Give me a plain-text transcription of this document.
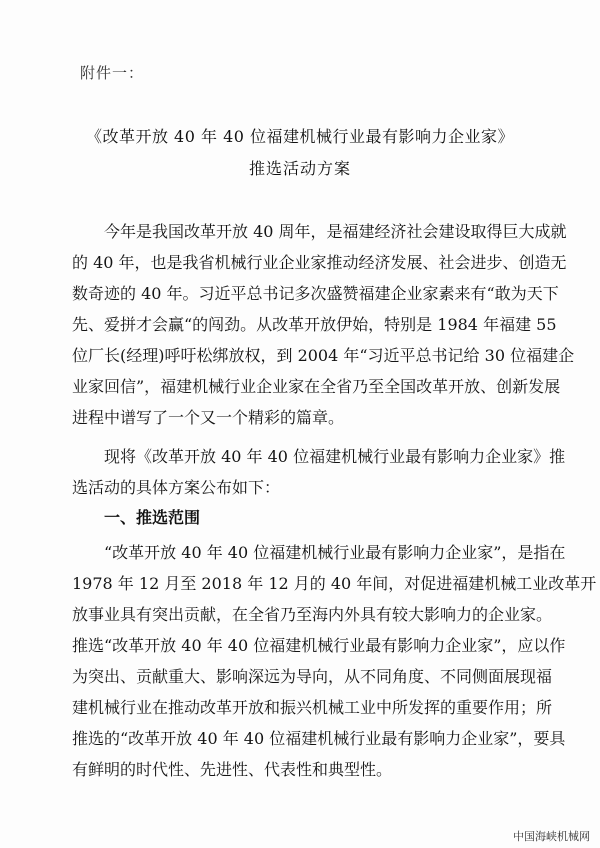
附件一：
《改革开放 40 年 40 位福建机械行业最有影响力企业家》
推选活动方案
今年是我国改革开放 40 周年，是福建经济社会建设取得巨大成就
的 40 年，也是我省机械行业企业家推动经济发展、社会进步、创造无
数奇迹的 40 年。习近平总书记多次盛赞福建企业家素来有“敢为天下
先、爱拼才会赢“的闯劲。从改革开放伊始，特别是 1984 年福建 55
位厂长(经理)呼吁松绑放权，到 2004 年“习近平总书记给 30 位福建企
业家回信”，福建机械行业企业家在全省乃至全国改革开放、创新发展
进程中谱写了一个又一个精彩的篇章。
现将《改革开放 40 年 40 位福建机械行业最有影响力企业家》推
选活动的具体方案公布如下：
一、推选范围
“改革开放 40 年 40 位福建机械行业最有影响力企业家”，是指在
1978 年 12 月至 2018 年 12 月的 40 年间，对促进福建机械工业改革开
放事业具有突出贡献，在全省乃至海内外具有较大影响力的企业家。
推选“改革开放 40 年 40 位福建机械行业最有影响力企业家”，应以作
为突出、贡献重大、影响深远为导向，从不同角度、不同侧面展现福
建机械行业在推动改革开放和振兴机械工业中所发挥的重要作用；所
推选的“改革开放 40 年 40 位福建机械行业最有影响力企业家”，要具
有鲜明的时代性、先进性、代表性和典型性。
中国海峡机械网
